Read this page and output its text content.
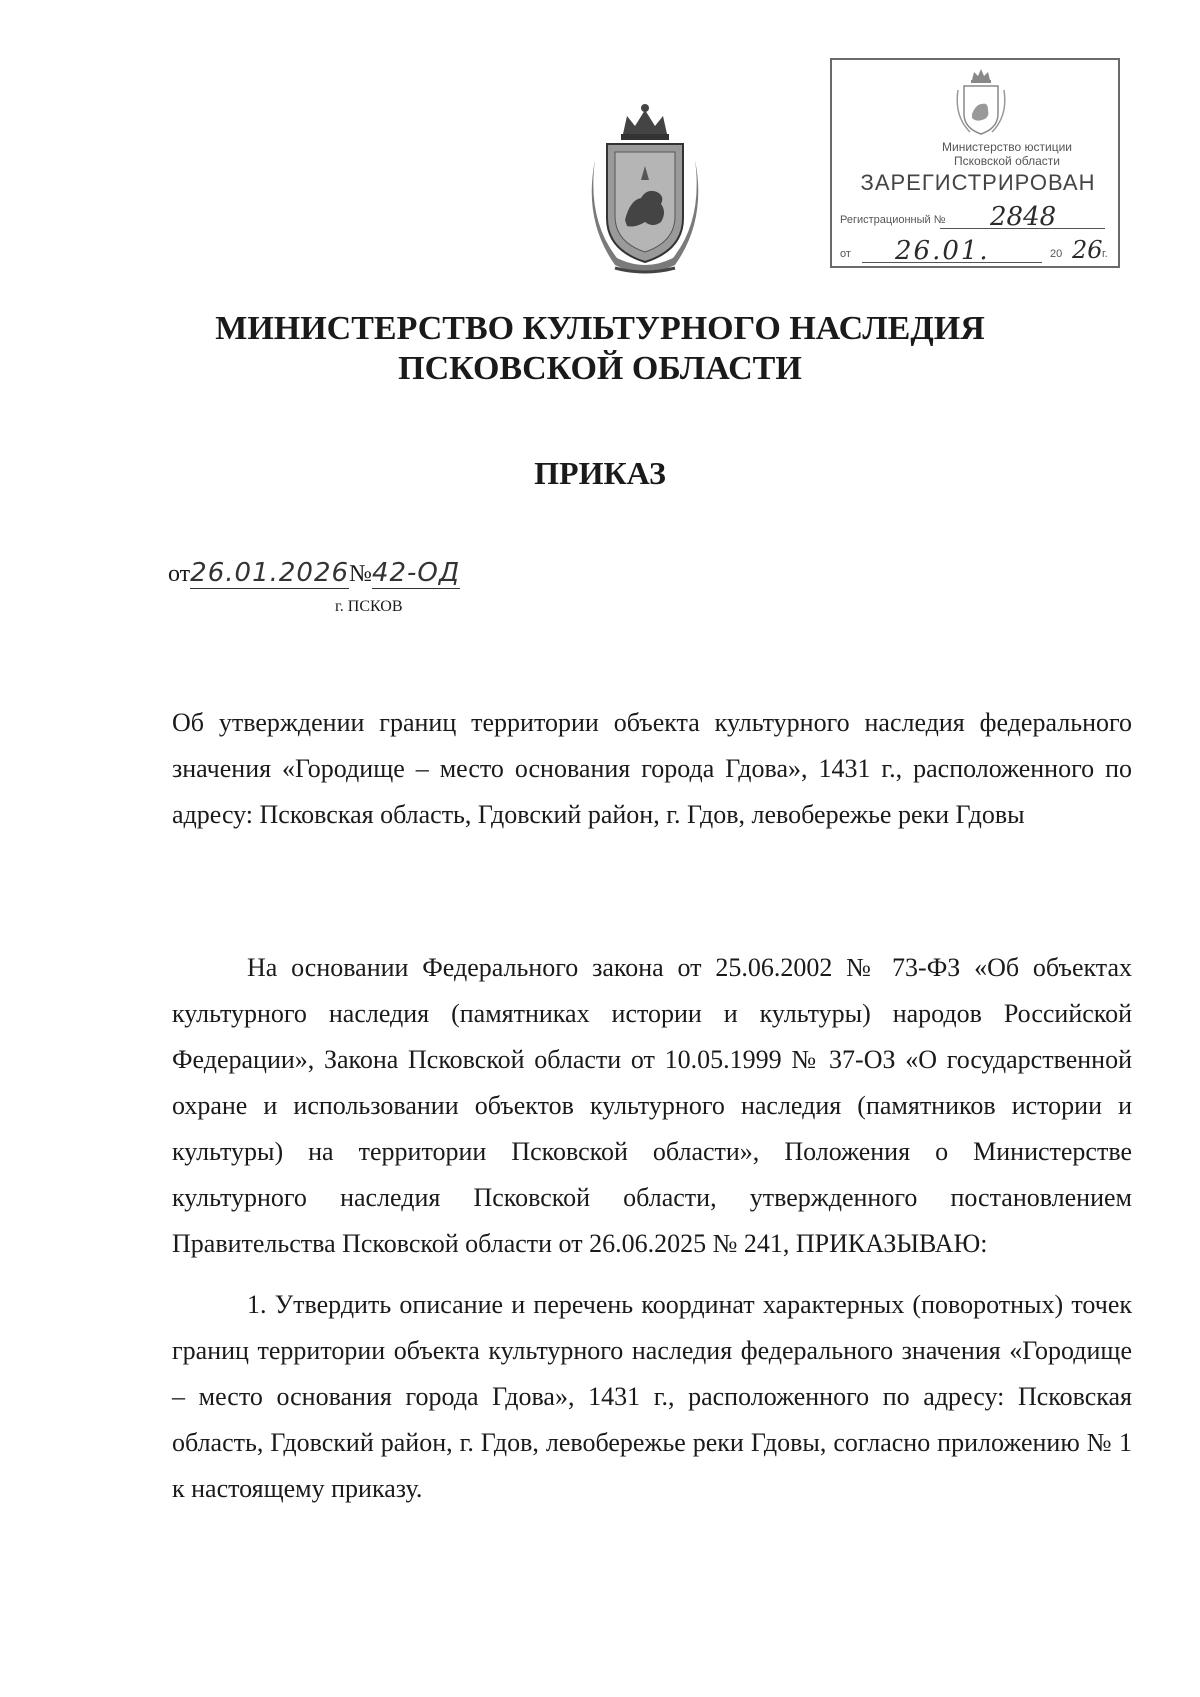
Министерство юстиции
Псковской области
ЗАРЕГИСТРИРОВАН
Регистрационный № 2848
от 26.01.	20 26 г.
МИНИСТЕРСТВО КУЛЬТУРНОГО НАСЛЕДИЯ
ПСКОВСКОЙ ОБЛАСТИ
ПРИКАЗ
от26.01.2026№42-ОД
г. ПСКОВ
Об утверждении границ территории объекта культурного наследия федерального значения «Городище – место основания города Гдова», 1431 г., расположенного по адресу: Псковская область, Гдовский район, г. Гдов, левобережье реки Гдовы
На основании Федерального закона от 25.06.2002 № 73-ФЗ «Об объектах культурного наследия (памятниках истории и культуры) народов Российской Федерации», Закона Псковской области от 10.05.1999 № 37-ОЗ «О государственной охране и использовании объектов культурного наследия (памятников истории и культуры) на территории Псковской области», Положения о Министерстве культурного наследия Псковской области, утвержденного постановлением Правительства Псковской области от 26.06.2025 № 241, ПРИКАЗЫВАЮ:
1. Утвердить описание и перечень координат характерных (поворотных) точек границ территории объекта культурного наследия федерального значения «Городище – место основания города Гдова», 1431 г., расположенного по адресу: Псковская область, Гдовский район, г. Гдов, левобережье реки Гдовы, согласно приложению № 1 к настоящему приказу.
